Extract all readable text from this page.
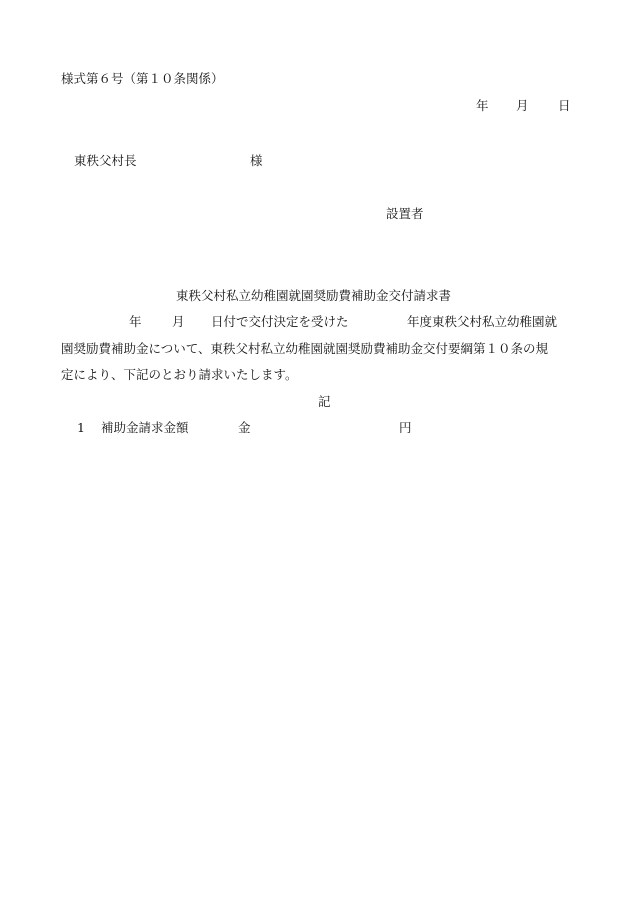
様式第６号（第１０条関係）
年 月 日
東秩父村長	様
設置者
東秩父村私立幼稚園就園奨励費補助金交付請求書
年 月 日付で交付決定を受けた	年度東秩父村私立幼稚園就
園奨励費補助金について、東秩父村私立幼稚園就園奨励費補助金交付要綱第１０条の規
定により、下記のとおり請求いたします。
記
1 補助金請求金額	金	円
